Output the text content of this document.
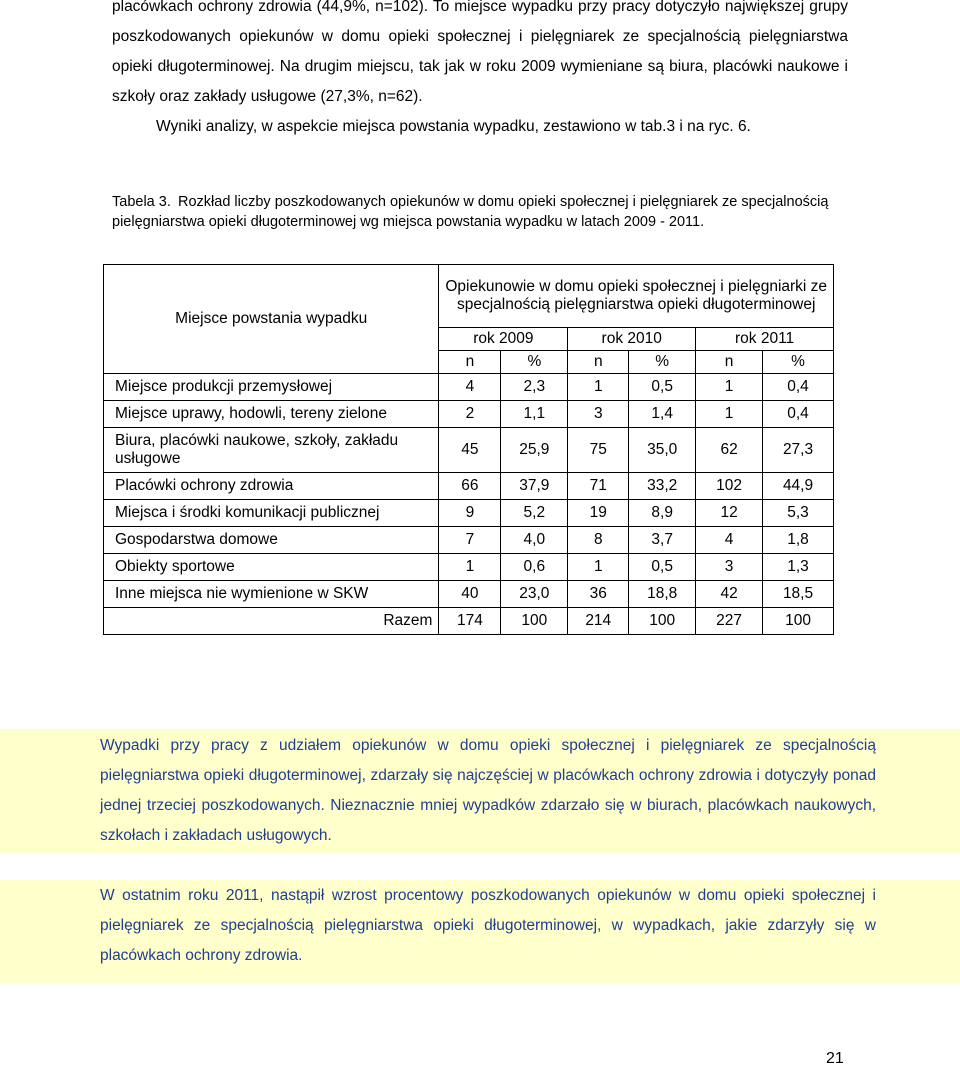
placówkach ochrony zdrowia (44,9%, n=102). To miejsce wypadku przy pracy dotyczyło największej grupy poszkodowanych opiekunów w domu opieki społecznej i pielęgniarek ze specjalnością pielęgniarstwa opieki długoterminowej. Na drugim miejscu, tak jak w roku 2009 wymieniane są biura, placówki naukowe i szkoły oraz zakłady usługowe (27,3%, n=62).
Wyniki analizy, w aspekcie miejsca powstania wypadku, zestawiono w tab.3 i na ryc. 6.

Tabela 3. Rozkład liczby poszkodowanych opiekunów w domu opieki społecznej i pielęgniarek ze specjalnością pielęgniarstwa opieki długoterminowej wg miejsca powstania wypadku w latach 2009 - 2011.

Miejsce powstania wypadku	Opiekunowie w domu opieki społecznej i pielęgniarki ze specjalnością pielęgniarstwa opieki długoterminowej					
	rok 2009		rok 2010		rok 2011	
	n	%	n	%	n	%
Miejsce produkcji przemysłowej	4	2,3	1	0,5	1	0,4
Miejsce uprawy, hodowli, tereny zielone	2	1,1	3	1,4	1	0,4
Biura, placówki naukowe, szkoły, zakładu usługowe	45	25,9	75	35,0	62	27,3
Placówki ochrony zdrowia	66	37,9	71	33,2	102	44,9
Miejsca i środki komunikacji publicznej	9	5,2	19	8,9	12	5,3
Gospodarstwa domowe	7	4,0	8	3,7	4	1,8
Obiekty sportowe	1	0,6	1	0,5	3	1,3
Inne miejsca nie wymienione w SKW	40	23,0	36	18,8	42	18,5
Razem	174	100	214	100	227	100

Wypadki przy pracy z udziałem opiekunów w domu opieki społecznej i pielęgniarek ze specjalnością pielęgniarstwa opieki długoterminowej, zdarzały się najczęściej w placówkach ochrony zdrowia i dotyczyły ponad jednej trzeciej poszkodowanych. Nieznacznie mniej wypadków zdarzało się w biurach, placówkach naukowych, szkołach i zakładach usługowych.

W ostatnim roku 2011, nastąpił wzrost procentowy poszkodowanych opiekunów w domu opieki społecznej i pielęgniarek ze specjalnością pielęgniarstwa opieki długoterminowej, w wypadkach, jakie zdarzyły się w placówkach ochrony zdrowia.

21
